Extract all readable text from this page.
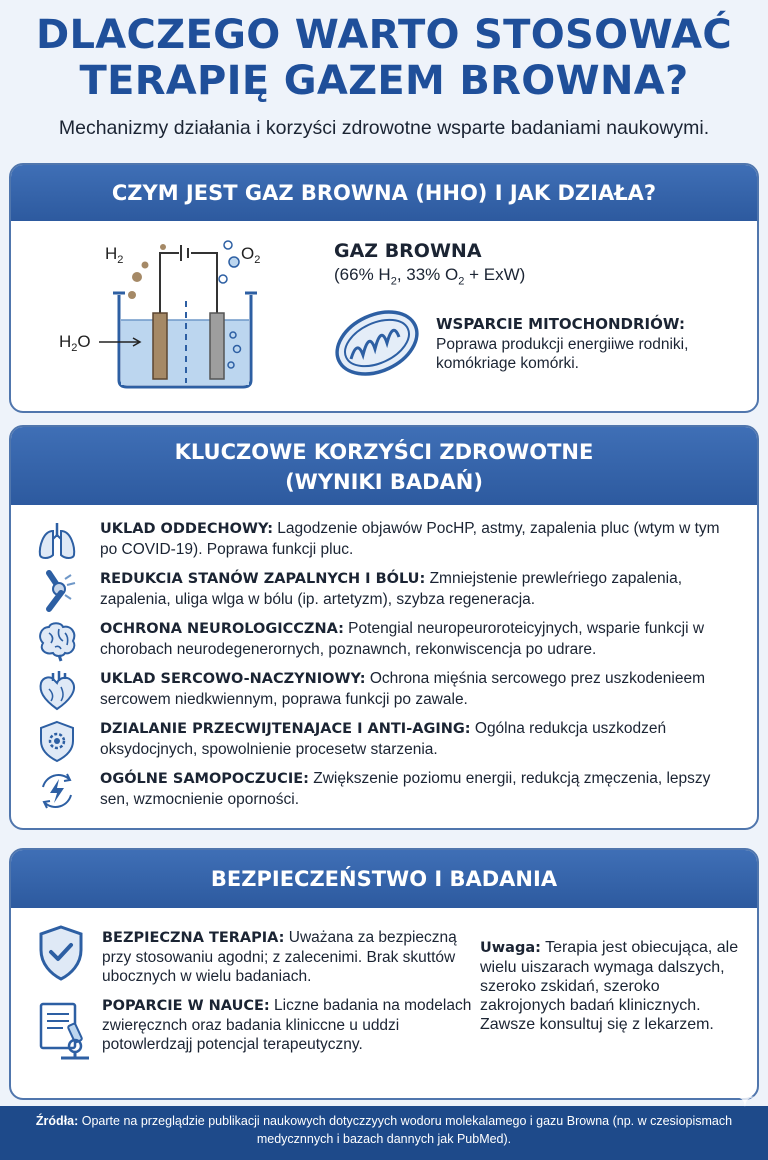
DLACZEGO WARTO STOSOWAĆ
TERAPIĘ GAZEM BROWNA?
Mechanizmy działania i korzyści zdrowotne wsparte badaniami naukowymi.
CZYM JEST GAZ BROWNA (HHO) I JAK DZIAŁA?
$H_2$	$O_2$
$H_2O$
GAZ BROWNA
(66% $H_2$, 33% $O_2 + ExW$)
WSPARCIE MITOCHONDRIÓW:
Poprawa produkcji energiiwe rodniki, komókriage komórki.
KLUCZOWE KORZYŚCI ZDROWOTNE
(WYNIKI BADAŃ)
UKLAD ODDECHOWY: Lagodzenie objawów PocHP, astmy, zapalenia pluc (wtym w tym po COVID-19). Poprawa funkcji pluc.
REDUKCIA STANÓW ZAPALNYCH I BÓLU: Zmniejstenie prewleŕriego zapalenia, zapalenia, uliga wlga w bólu (ip. artetyzm), szybza regeneracja.
OCHRONA NEUROLOGICCZNA: Potengial neuropeuroroteicyjnych, wsparie funkcji w chorobach neurodegenerornych, poznawnch, rekonwiscencja po udrare.
UKLAD SERCOWO-NACZYNIOWY: Ochrona mięśnia sercowego prez uszkodenieem sercowem niedkwiennym, poprawa funkcji po zawale.
DZIALANIE PRZECWIJTENAJACE I ANTI-AGING: Ogólna redukcja uszkodzeń oksydocjnych, spowolnienie procesetw starzenia.
OGÓLNE SAMOPOCZUCIE: Zwiększenie poziomu energii, redukcją zmęczenia, lepszy sen, wzmocnienie oporności.
BEZPIECZEŃSTWO I BADANIA
BEZPIECZNA TERAPIA: Uważana za bezpieczną przy stosowaniu agodni; z zalecenimi. Brak skuttów ubocznych w wielu badaniach.
POPARCIE W NAUCE: Liczne badania na modelach zwieręcznch oraz badania klinicсne u uddzi potowlerdzajj potencjal terapeutyczny.
Uwaga: Terapia jest obiecująca, ale wielu uiszarach wymaga dalszych, szeroko zskidań, szeroko zakrojonych badań klinicznych. Zawsze konsultuj się z lekarzem.
Źródła: Oparte na przeglądzie publikacji naukowych dotyczzyych wodoru molekalamego i gazu Browna (np. w czesiopismach medycznnych i bazach dannych jak PubMed).
